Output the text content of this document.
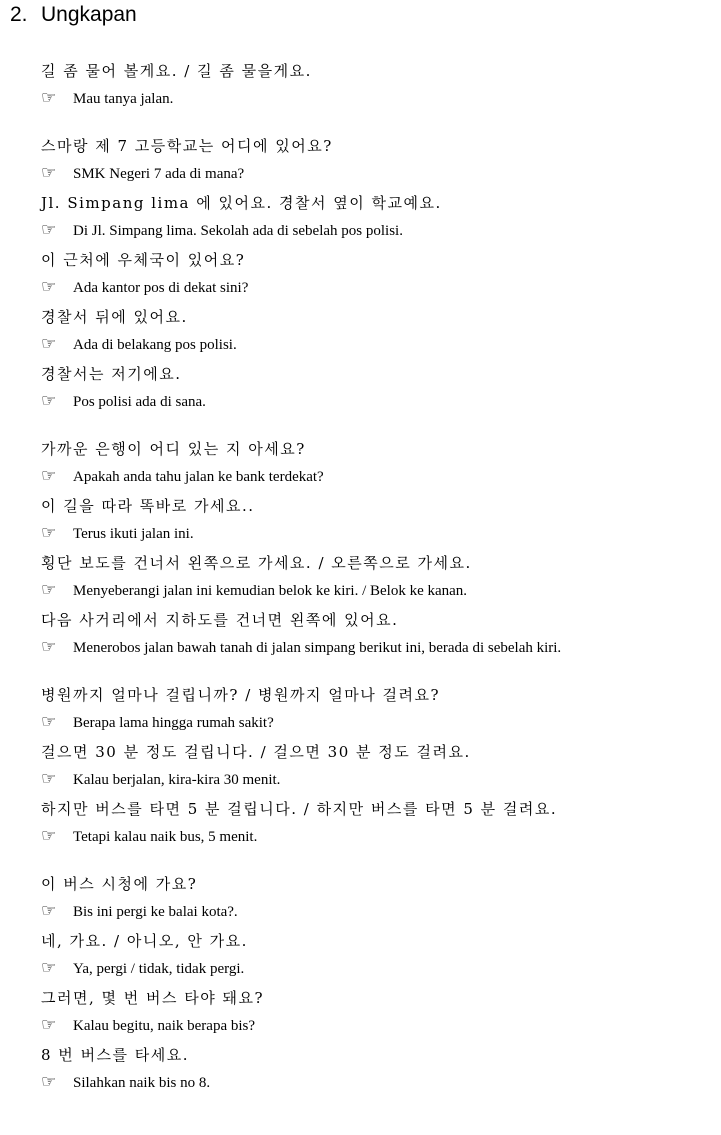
2. Ungkapan
길 좀 물어 볼게요. / 길 좀 물을게요.
☞ Mau tanya jalan.
스마랑 제 7 고등학교는 어디에 있어요?
☞ SMK Negeri 7 ada di mana?
Jl. Simpang lima 에 있어요. 경찰서 옆이 학교예요.
☞ Di Jl. Simpang lima. Sekolah ada di sebelah pos polisi.
이 근처에 우체국이 있어요?
☞ Ada kantor pos di dekat sini?
경찰서 뒤에 있어요.
☞ Ada di belakang pos polisi.
경찰서는 저기에요.
☞ Pos polisi ada di sana.
가까운 은행이 어디 있는 지 아세요?
☞ Apakah anda tahu jalan ke bank terdekat?
이 길을 따라 똑바로 가세요..
☞ Terus ikuti jalan ini.
횡단 보도를 건너서 왼쪽으로 가세요. / 오른쪽으로 가세요.
☞ Menyeberangi jalan ini kemudian belok ke kiri. / Belok ke kanan.
다음 사거리에서 지하도를 건너면 왼쪽에 있어요.
☞ Menerobos jalan bawah tanah di jalan simpang berikut ini, berada di sebelah kiri.
병원까지 얼마나 걸립니까? / 병원까지 얼마나 걸려요?
☞ Berapa lama hingga rumah sakit?
걸으면 30 분 정도 걸립니다. / 걸으면 30 분 정도 걸려요.
☞ Kalau berjalan, kira-kira 30 menit.
하지만 버스를 타면 5 분 걸립니다. / 하지만 버스를 타면 5 분 걸려요.
☞ Tetapi kalau naik bus, 5 menit.
이 버스 시청에 가요?
☞ Bis ini pergi ke balai kota?.
네, 가요. / 아니오, 안 가요.
☞ Ya, pergi / tidak, tidak pergi.
그러면, 몇 번 버스 타야 돼요?
☞ Kalau begitu, naik berapa bis?
8 번 버스를 타세요.
☞ Silahkan naik bis no 8.
